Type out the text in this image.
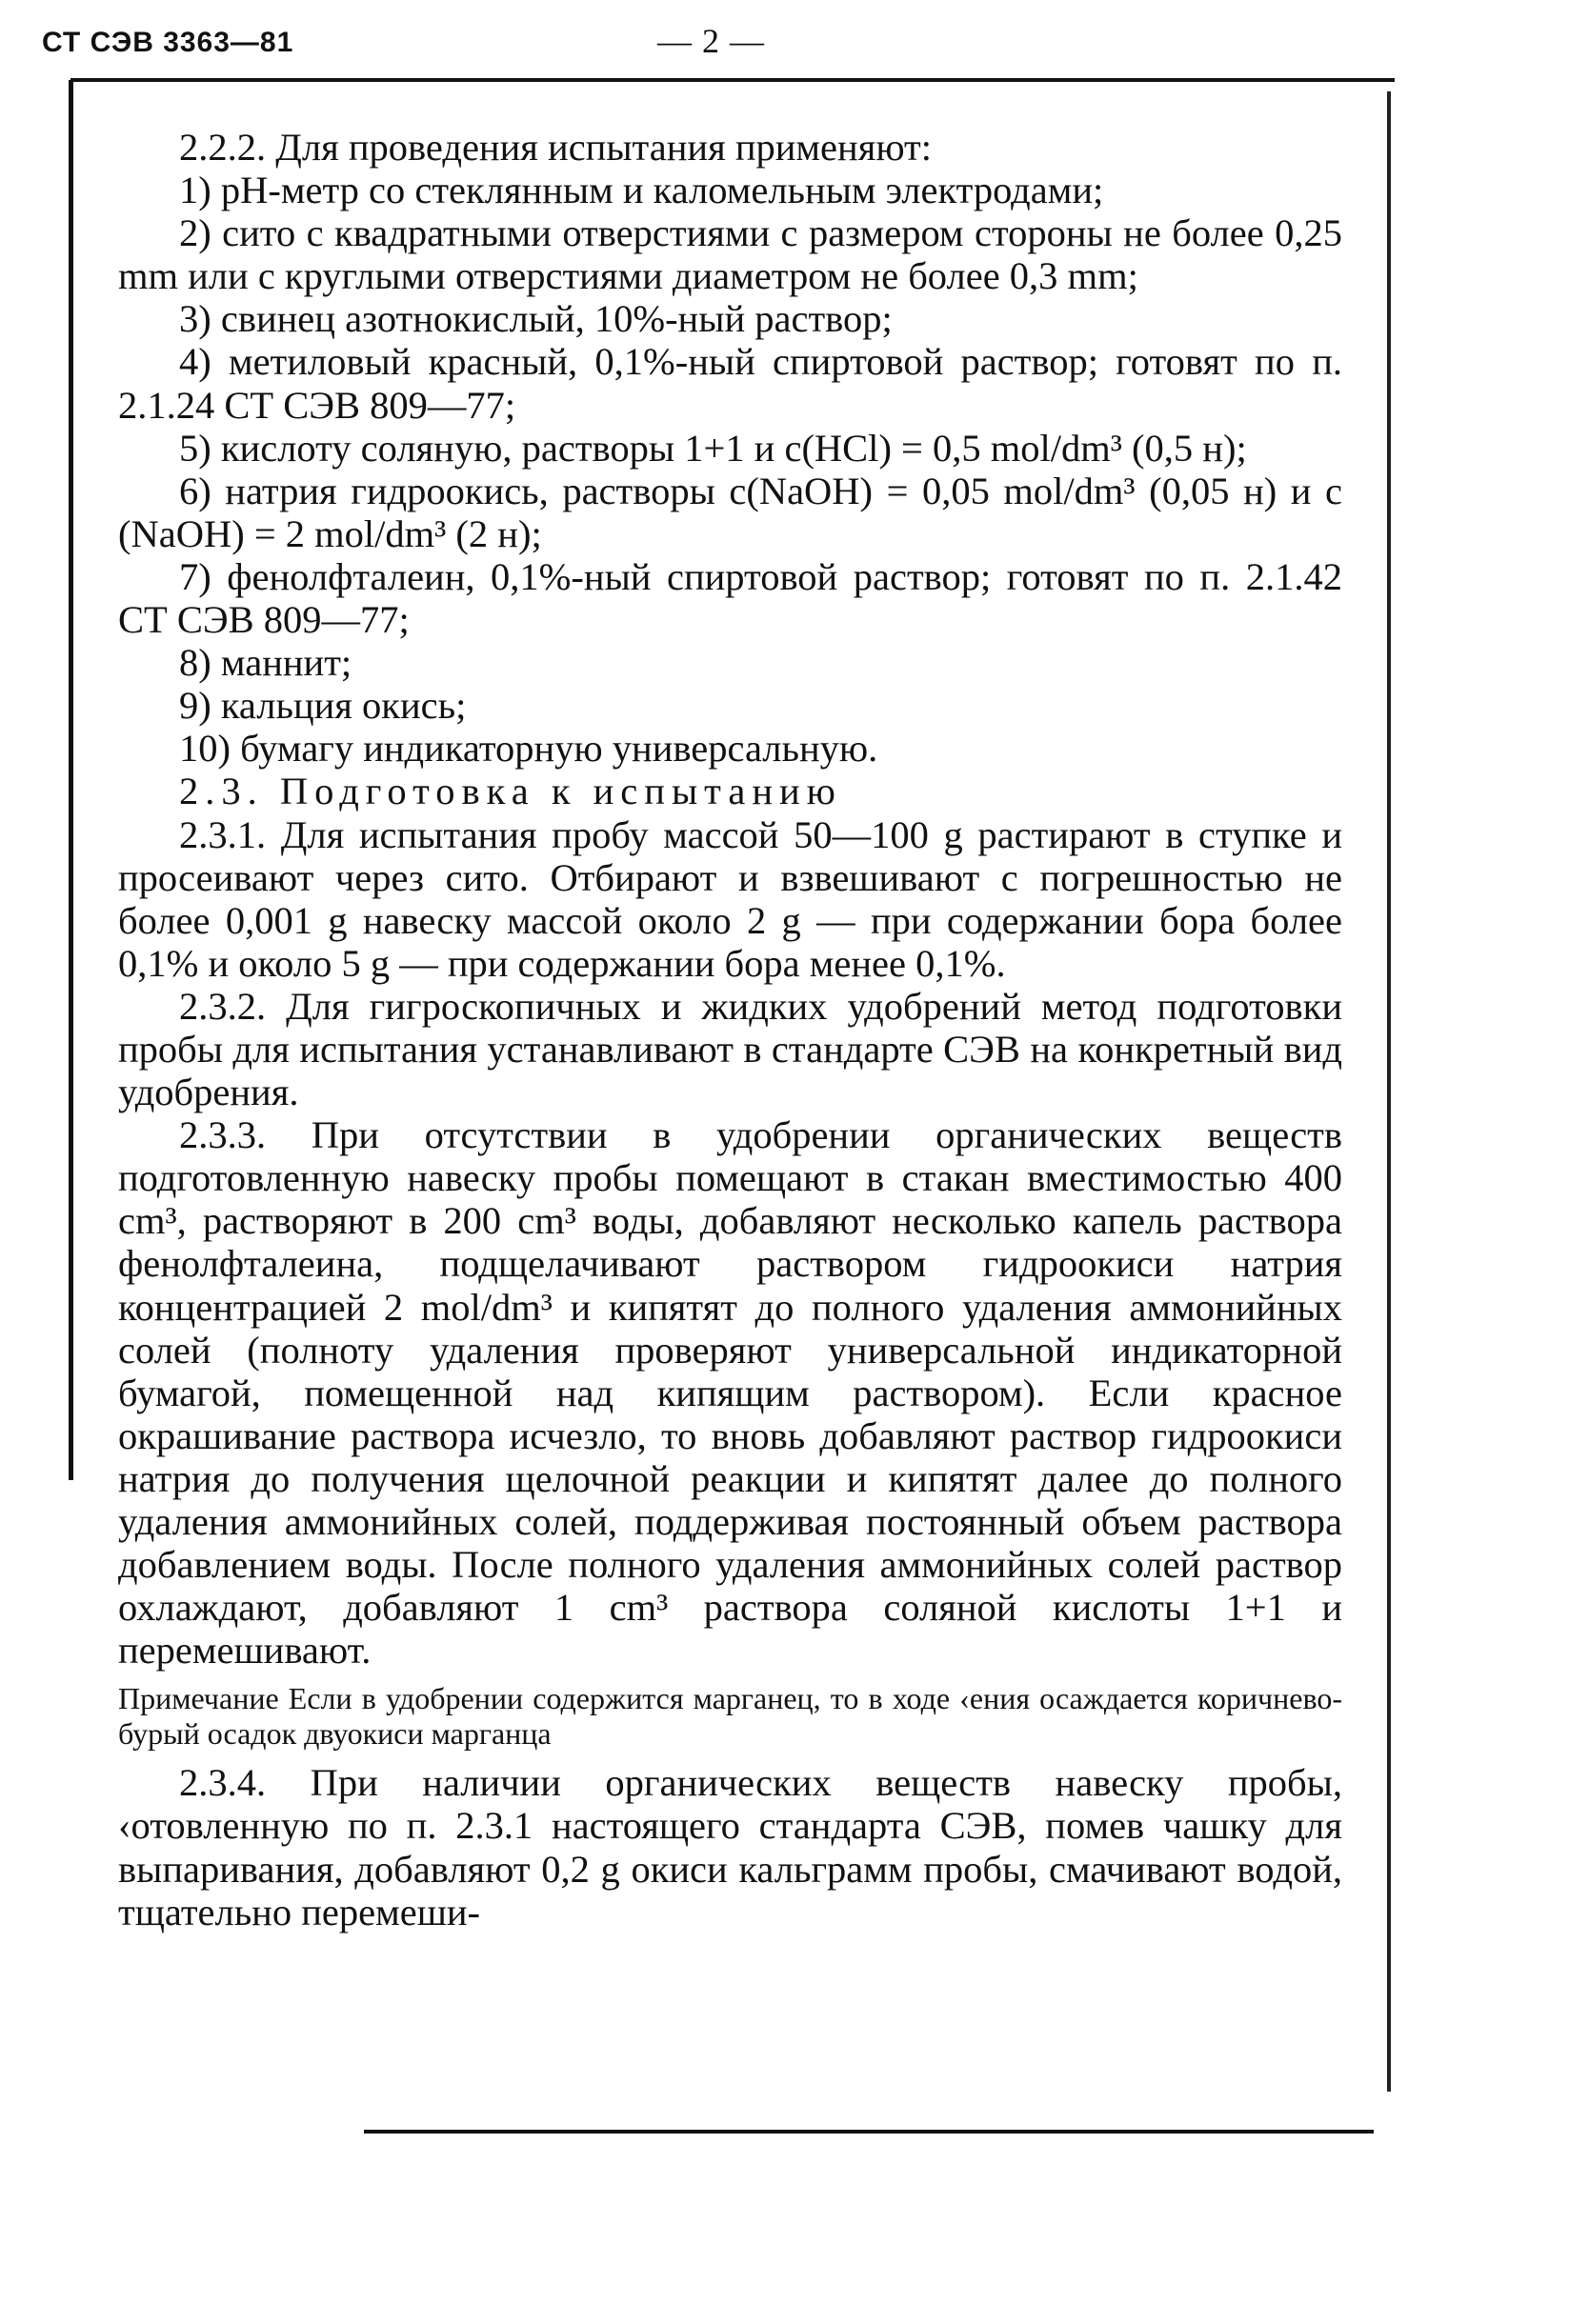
СТ СЭВ 3363—81	— 2 —

2.2.2. Для проведения испытания применяют:

1) рН-метр со стеклянным и каломельным электродами;

2) сито с квадратными отверстиями с размером стороны не более 0,25 mm или с круглыми отверстиями диаметром не более 0,3 mm;

3) свинец азотнокислый, 10%-ный раствор;

4) метиловый красный, 0,1%-ный спиртовой раствор; готовят по п. 2.1.24 СТ СЭВ 809—77;

5) кислоту соляную, растворы 1+1 и c(HCl) = 0,5 mol/dm³ (0,5 н);

6) натрия гидроокись, растворы c(NaOH) = 0,05 mol/dm³ (0,05 н) и c (NaOH) = 2 mol/dm³ (2 н);

7) фенолфталеин, 0,1%-ный спиртовой раствор; готовят по п. 2.1.42 СТ СЭВ 809—77;

8) маннит;

9) кальция окись;

10) бумагу индикаторную универсальную.

2.3. Подготовка к испытанию

2.3.1. Для испытания пробу массой 50—100 g растирают в ступке и просеивают через сито. Отбирают и взвешивают с погрешностью не более 0,001 g навеску массой около 2 g — при содержании бора более 0,1% и около 5 g — при содержании бора менее 0,1%.

2.3.2. Для гигроскопичных и жидких удобрений метод подготовки пробы для испытания устанавливают в стандарте СЭВ на конкретный вид удобрения.

2.3.3. При отсутствии в удобрении органических веществ подготовленную навеску пробы помещают в стакан вместимостью 400 cm³, растворяют в 200 cm³ воды, добавляют несколько капель раствора фенолфталеина, подщелачивают раствором гидроокиси натрия концентрацией 2 mol/dm³ и кипятят до полного удаления аммонийных солей (полноту удаления проверяют универсальной индикаторной бумагой, помещенной над кипящим раствором). Если красное окрашивание раствора исчезло, то вновь добавляют раствор гидроокиси натрия до получения щелочной реакции и кипятят далее до полного удаления аммонийных солей, поддерживая постоянный объем раствора добавлением воды. После полного удаления аммонийных солей раствор охлаждают, добавляют 1 cm³ раствора соляной кислоты 1+1 и перемешивают.

Примечание Если в удобрении содержится марганец, то в ходе ‹ения осаждается коричнево-бурый осадок двуокиси марганца

2.3.4. При наличии органических веществ навеску пробы, ‹отовленную по п. 2.3.1 настоящего стандарта СЭВ, помев чашку для выпаривания, добавляют 0,2 g окиси кальграмм пробы, смачивают водой, тщательно перемеши-
